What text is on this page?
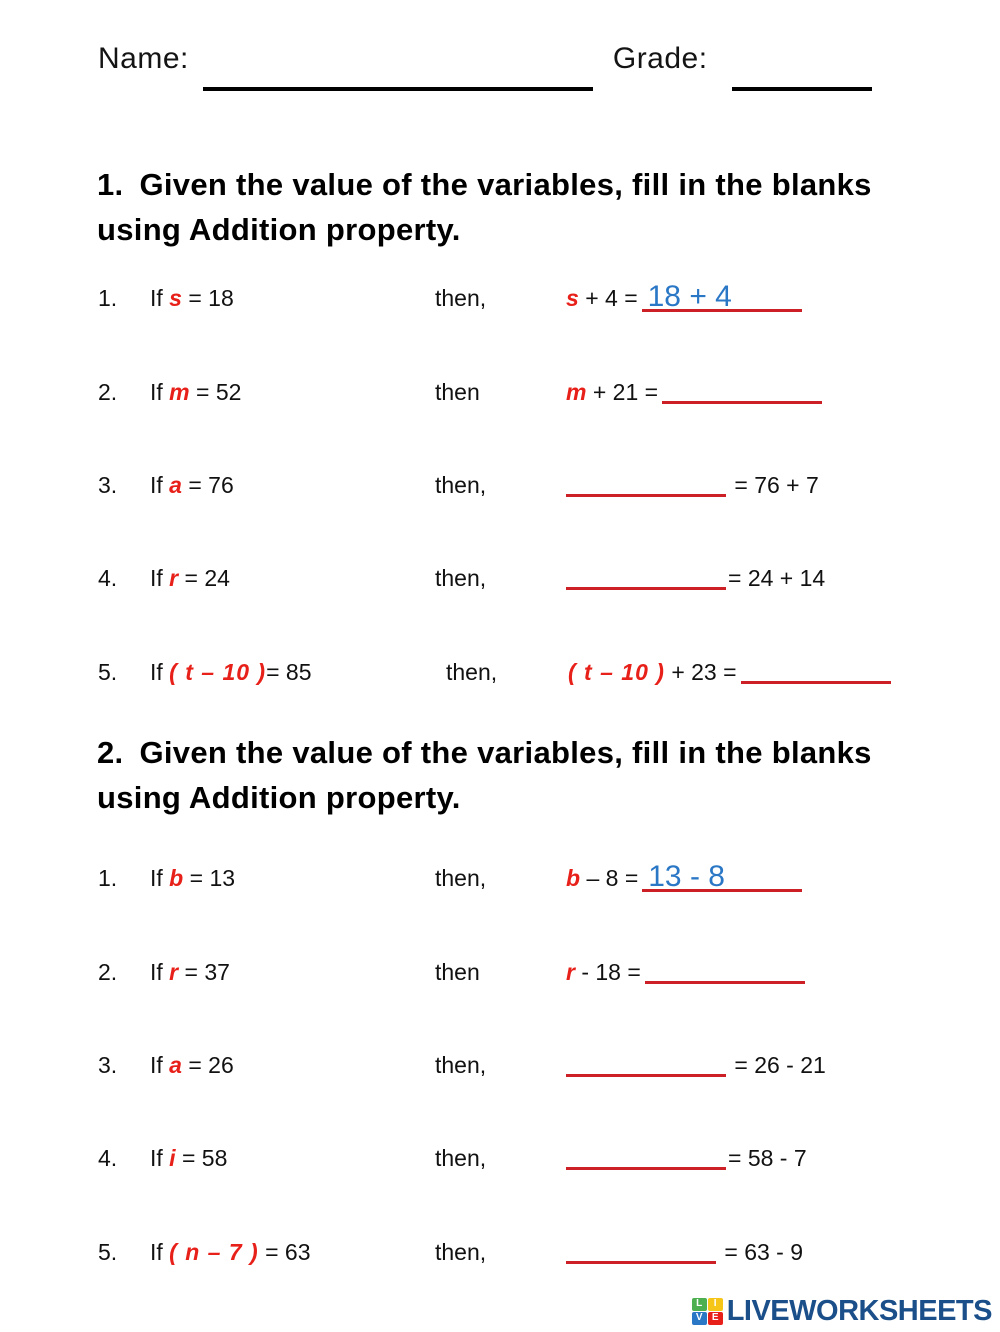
Name:	Grade:
1. Given the value of the variables, fill in the blanks using Addition property.
1.	If s = 18	then,	s + 4 = 18 + 4
2.	If m = 52	then	m + 21 =
3.	If a = 76	then,	= 76 + 7
4.	If r = 24	then,	= 24 + 14
5.	If ( t – 10 )= 85	then,	( t – 10 ) + 23 =
2. Given the value of the variables, fill in the blanks using Addition property.
1.	If b = 13	then,	b – 8 = 13 - 8
2.	If r = 37	then	r - 18 =
3.	If a = 26	then,	= 26 - 21
4.	If i = 58	then,	= 58 - 7
5.	If ( n – 7 ) = 63	then,	= 63 - 9
L	I
V E LIVEWORKSHEETS
